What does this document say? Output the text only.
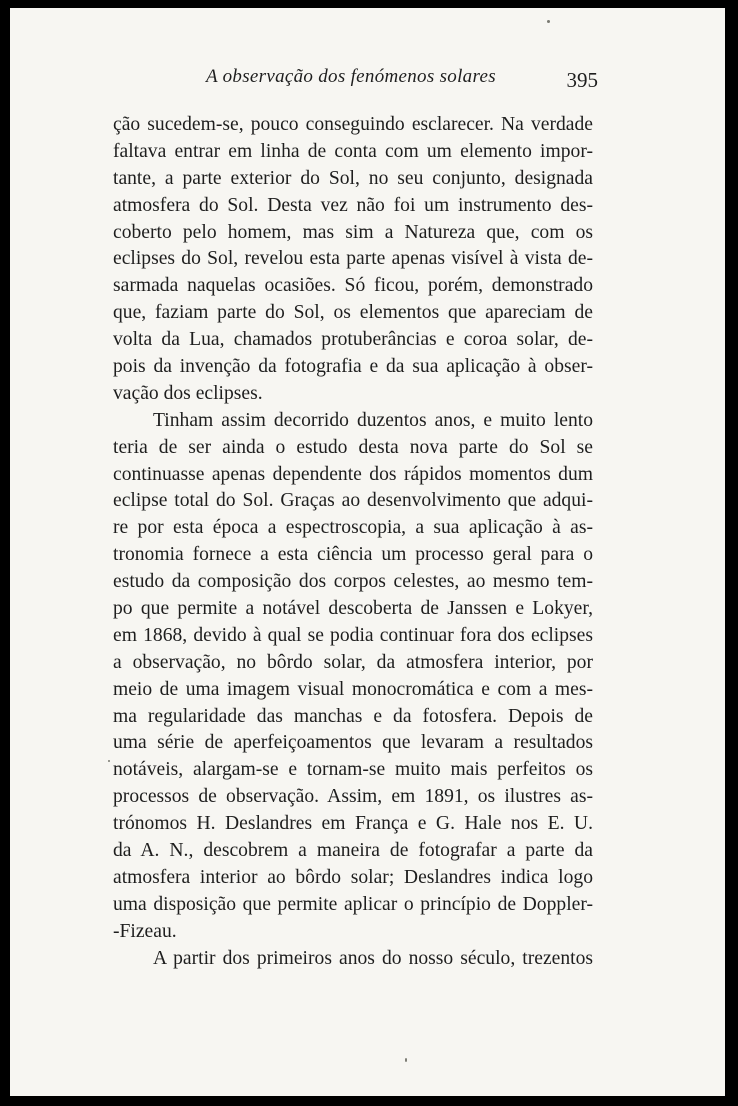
A observação dos fenómenos solares	395
ção sucedem-se, pouco conseguindo esclarecer. Na verdade
faltava entrar em linha de conta com um elemento impor-
tante, a parte exterior do Sol, no seu conjunto, designada
atmosfera do Sol. Desta vez não foi um instrumento des-
coberto pelo homem, mas sim a Natureza que, com os
eclipses do Sol, revelou esta parte apenas visível à vista de-
sarmada naquelas ocasiões. Só ficou, porém, demonstrado
que, faziam parte do Sol, os elementos que apareciam de
volta da Lua, chamados protuberâncias e coroa solar, de-
pois da invenção da fotografia e da sua aplicação à obser-
vação dos eclipses.
Tinham assim decorrido duzentos anos, e muito lento
teria de ser ainda o estudo desta nova parte do Sol se
continuasse apenas dependente dos rápidos momentos dum
eclipse total do Sol. Graças ao desenvolvimento que adqui-
re por esta época a espectroscopia, a sua aplicação à as-
tronomia fornece a esta ciência um processo geral para o
estudo da composição dos corpos celestes, ao mesmo tem-
po que permite a notável descoberta de Janssen e Lokyer,
em 1868, devido à qual se podia continuar fora dos eclipses
a observação, no bôrdo solar, da atmosfera interior, por
meio de uma imagem visual monocromática e com a mes-
ma regularidade das manchas e da fotosfera. Depois de
uma série de aperfeiçoamentos que levaram a resultados
notáveis, alargam-se e tornam-se muito mais perfeitos os
processos de observação. Assim, em 1891, os ilustres as-
trónomos H. Deslandres em França e G. Hale nos E. U.
da A. N., descobrem a maneira de fotografar a parte da
atmosfera interior ao bôrdo solar; Deslandres indica logo
uma disposição que permite aplicar o princípio de Doppler-
-Fizeau.
A partir dos primeiros anos do nosso século, trezentos
